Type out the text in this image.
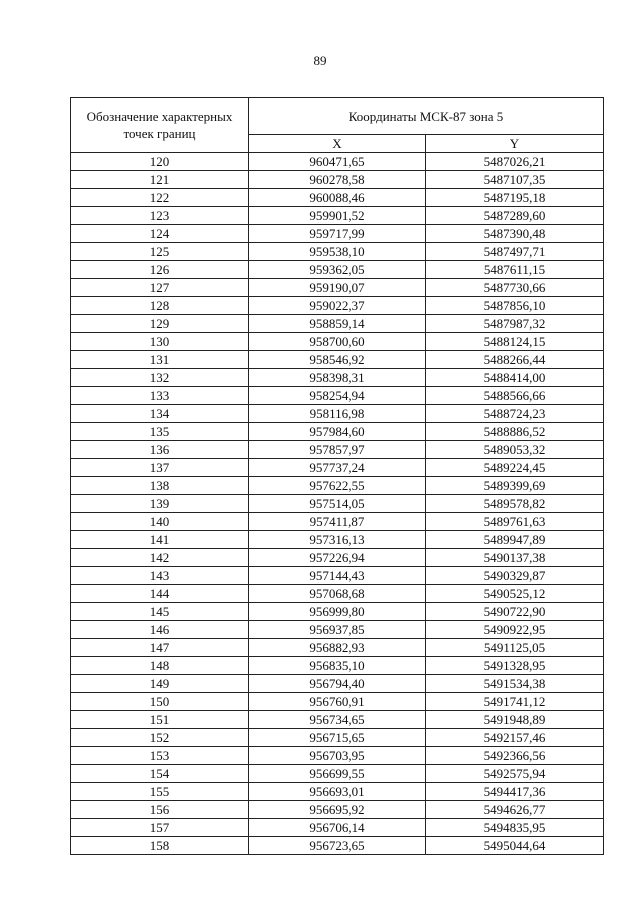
89
Обозначение характерных точек границ	Координаты МСК-87 зона 5	
	X	Y
120	960471,65	5487026,21
121	960278,58	5487107,35
122	960088,46	5487195,18
123	959901,52	5487289,60
124	959717,99	5487390,48
125	959538,10	5487497,71
126	959362,05	5487611,15
127	959190,07	5487730,66
128	959022,37	5487856,10
129	958859,14	5487987,32
130	958700,60	5488124,15
131	958546,92	5488266,44
132	958398,31	5488414,00
133	958254,94	5488566,66
134	958116,98	5488724,23
135	957984,60	5488886,52
136	957857,97	5489053,32
137	957737,24	5489224,45
138	957622,55	5489399,69
139	957514,05	5489578,82
140	957411,87	5489761,63
141	957316,13	5489947,89
142	957226,94	5490137,38
143	957144,43	5490329,87
144	957068,68	5490525,12
145	956999,80	5490722,90
146	956937,85	5490922,95
147	956882,93	5491125,05
148	956835,10	5491328,95
149	956794,40	5491534,38
150	956760,91	5491741,12
151	956734,65	5491948,89
152	956715,65	5492157,46
153	956703,95	5492366,56
154	956699,55	5492575,94
155	956693,01	5494417,36
156	956695,92	5494626,77
157	956706,14	5494835,95
158	956723,65	5495044,64
